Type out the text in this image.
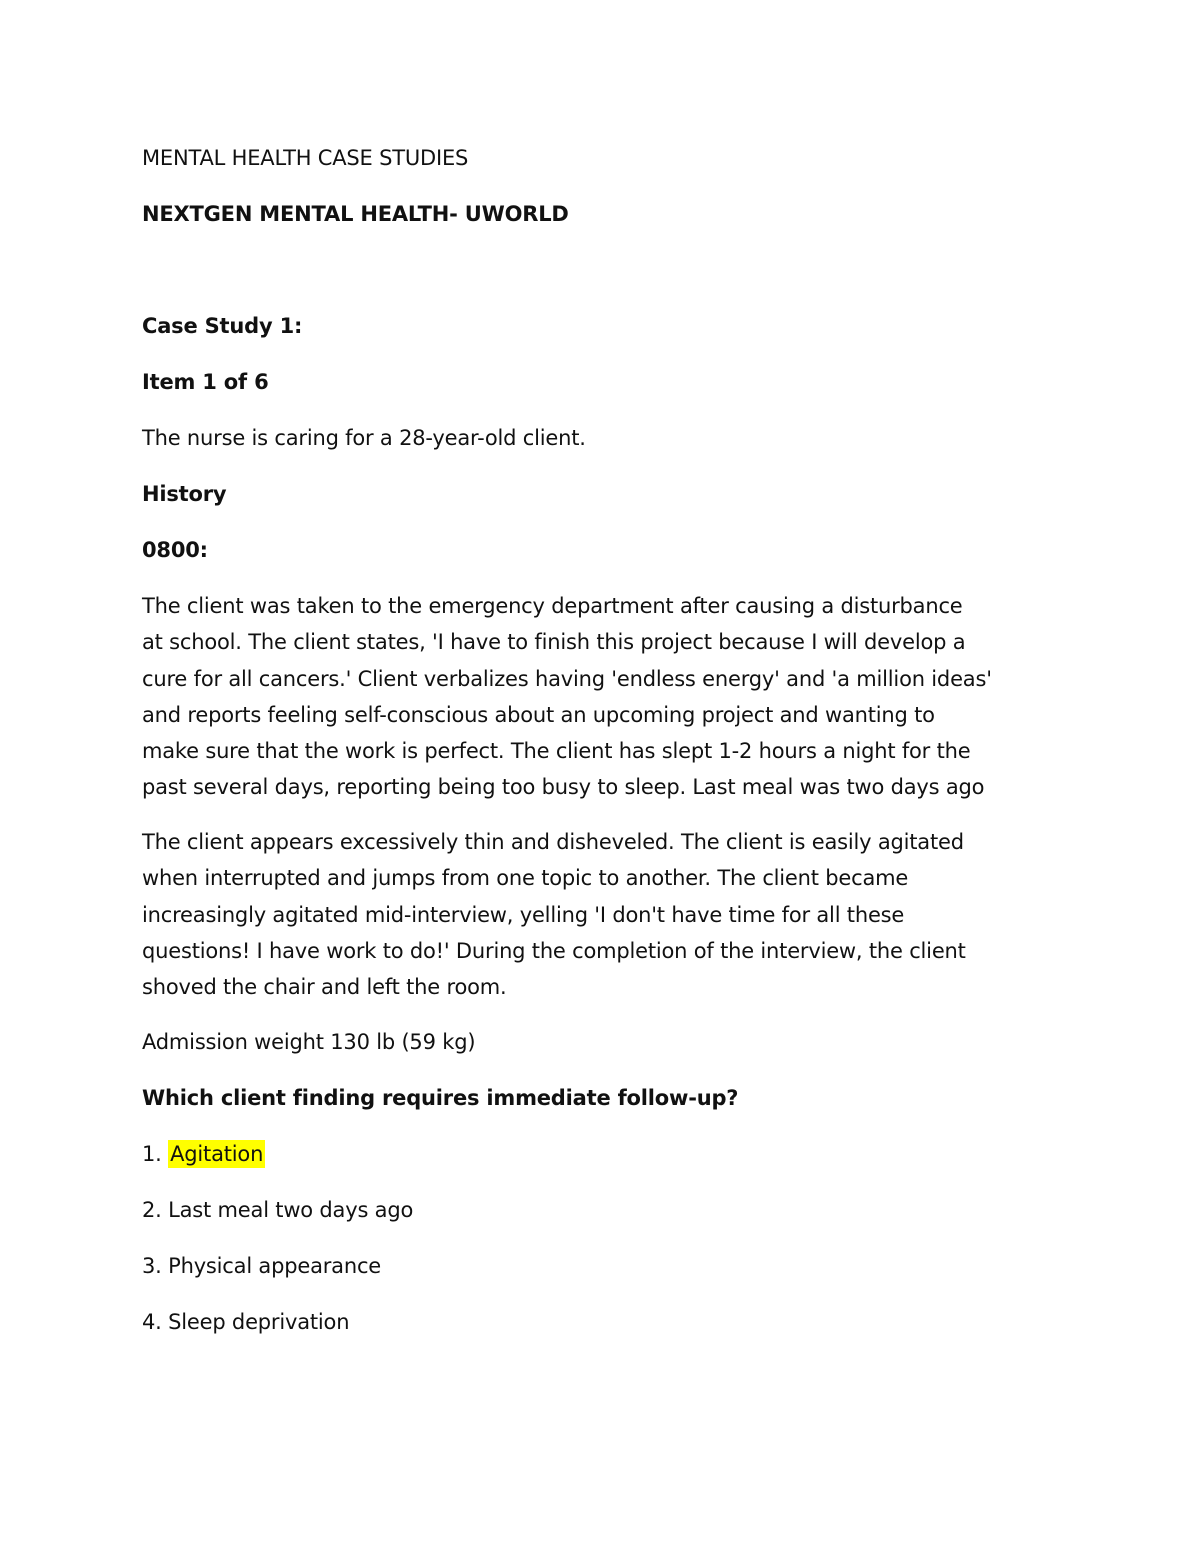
MENTAL HEALTH CASE STUDIES
NEXTGEN MENTAL HEALTH- UWORLD
Case Study 1:
Item 1 of 6
The nurse is caring for a 28-year-old client.
History
0800:
The client was taken to the emergency department after causing a disturbance
at school. The client states, 'I have to finish this project because I will develop a
cure for all cancers.' Client verbalizes having 'endless energy' and 'a million ideas'
and reports feeling self-conscious about an upcoming project and wanting to
make sure that the work is perfect. The client has slept 1-2 hours a night for the
past several days, reporting being too busy to sleep. Last meal was two days ago
The client appears excessively thin and disheveled. The client is easily agitated
when interrupted and jumps from one topic to another. The client became
increasingly agitated mid-interview, yelling 'I don't have time for all these
questions! I have work to do!' During the completion of the interview, the client
shoved the chair and left the room.
Admission weight 130 lb (59 kg)
Which client finding requires immediate follow-up?
1. Agitation
2. Last meal two days ago
3. Physical appearance
4. Sleep deprivation
